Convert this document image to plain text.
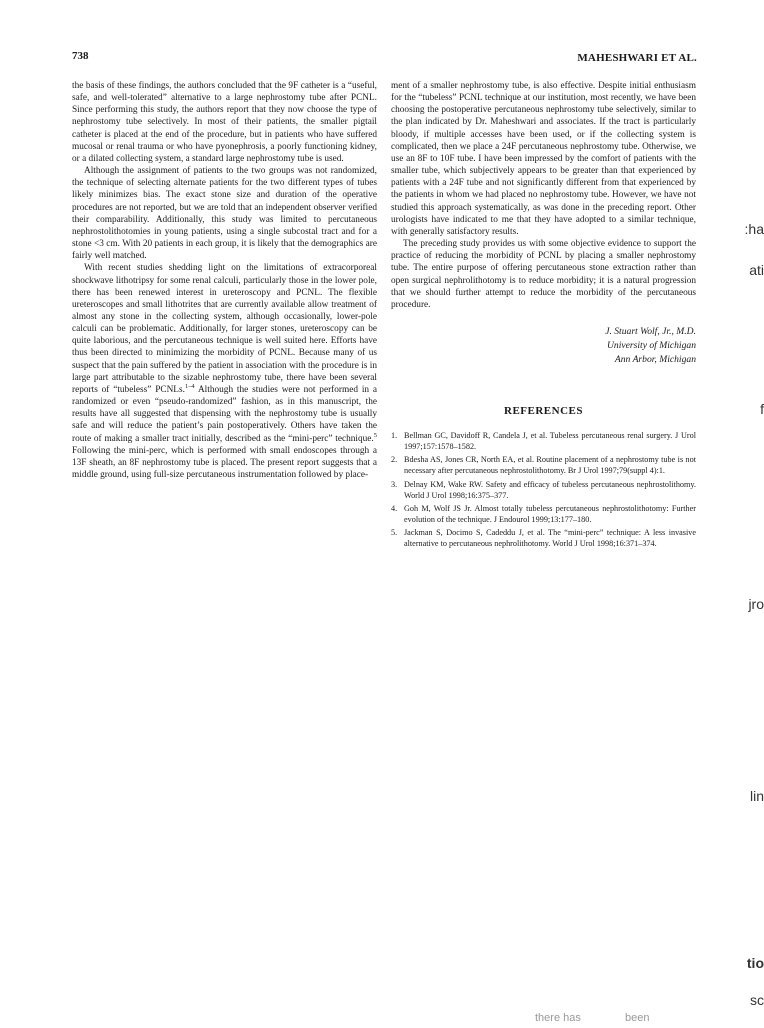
738	MAHESHWARI ET AL.

the basis of these findings, the authors concluded that the 9F catheter is a “useful, safe, and well-tolerated” alternative to a large nephrostomy tube after PCNL. Since performing this study, the authors report that they now choose the type of nephrostomy tube selectively. In most of their patients, the smaller pigtail catheter is placed at the end of the procedure, but in patients who have suffered mucosal or renal trauma or who have pyonephrosis, a poorly functioning kidney, or a dilated collecting system, a standard large nephrostomy tube is used.

Although the assignment of patients to the two groups was not randomized, the technique of selecting alternate patients for the two different types of tubes likely minimizes bias. The exact stone size and duration of the operative procedures are not reported, but we are told that an independent observer verified their comparability. Additionally, this study was limited to percutaneous nephrostolithotomies in young patients, using a single subcostal tract and for a stone <3 cm. With 20 patients in each group, it is likely that the demographics are fairly well matched.

With recent studies shedding light on the limitations of extracorporeal shockwave lithotripsy for some renal calculi, particularly those in the lower pole, there has been renewed interest in ureteroscopy and PCNL. The flexible ureteroscopes and small lithotrites that are currently available allow treatment of almost any stone in the collecting system, although occasionally, lower-pole calculi can be problematic. Additionally, for larger stones, ureteroscopy can be quite laborious, and the percutaneous technique is well suited here. Efforts have thus been directed to minimizing the morbidity of PCNL. Because many of us suspect that the pain suffered by the patient in association with the procedure is in large part attributable to the sizable nephrostomy tube, there have been several reports of “tubeless” PCNLs.$^{1-4}$ Although the studies were not performed in a randomized or even “pseudo-randomized” fashion, as in this manuscript, the results have all suggested that dispensing with the nephrostomy tube is usually safe and will reduce the patient’s pain postoperatively. Others have taken the route of making a smaller tract initially, described as the “mini-perc” technique.$^5$ Following the mini-perc, which is performed with small endoscopes through a 13F sheath, an 8F nephrostomy tube is placed. The present report suggests that a middle ground, using full-size percutaneous instrumentation followed by place-

ment of a smaller nephrostomy tube, is also effective. Despite initial enthusiasm for the “tubeless” PCNL technique at our institution, most recently, we have been choosing the postoperative percutaneous nephrostomy tube selectively, similar to the plan indicated by Dr. Maheshwari and associates. If the tract is particularly bloody, if multiple accesses have been used, or if the collecting system is complicated, then we place a 24F percutaneous nephrostomy tube. Otherwise, we use an 8F to 10F tube. I have been impressed by the comfort of patients with the smaller tube, which subjectively appears to be greater than that experienced by patients with a 24F tube and not significantly different from that experienced by the patients in whom we had placed no nephrostomy tube. However, we have not studied this approach systematically, as was done in the preceding report. Other urologists have indicated to me that they have adopted to a similar technique, with generally satisfactory results.

The preceding study provides us with some objective evidence to support the practice of reducing the morbidity of PCNL by placing a smaller nephrostomy tube. The entire purpose of offering percutaneous stone extraction rather than open surgical nephrolithotomy is to reduce morbidity; it is a natural progression that we should further attempt to reduce the morbidity of the percutaneous procedure.

J. Stuart Wolf, Jr., M.D.
University of Michigan
Ann Arbor, Michigan
REFERENCES
1. Bellman GC, Davidoff R, Candela J, et al. Tubeless percutaneous renal surgery. J Urol 1997;157:1578–1582.
2. Bdesha AS, Jones CR, North EA, et al. Routine placement of a nephrostomy tube is not necessary after percutaneous nephrostolithotomy. Br J Urol 1997;79(suppl 4):1.
3. Delnay KM, Wake RW. Safety and efficacy of tubeless percutaneous nephrostolithomy. World J Urol 1998;16:375–377.
4. Goh M, Wolf JS Jr. Almost totally tubeless percutaneous nephrostolithotomy: Further evolution of the technique. J Endourol 1999;13:177–180.
5. Jackman S, Docimo S, Cadeddu J, et al. The “mini-perc” technique: A less invasive alternative to percutaneous nephrolithotomy. World J Urol 1998;16:371–374.
:ha
ati
f
jro
lin
tio
sc
there has	been
